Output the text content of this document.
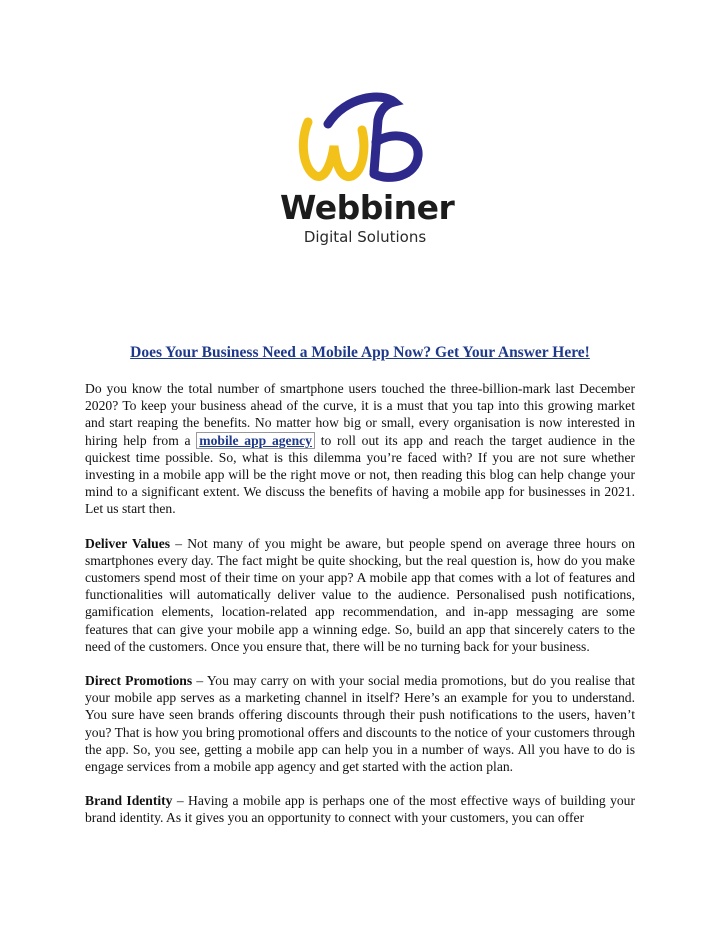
Webbiner
Digital Solutions
Does Your Business Need a Mobile App Now? Get Your Answer Here!

Do you know the total number of smartphone users touched the three-billion-mark last December 2020? To keep your business ahead of the curve, it is a must that you tap into this growing market and start reaping the benefits. No matter how big or small, every organisation is now interested in hiring help from a mobile app agency to roll out its app and reach the target audience in the quickest time possible. So, what is this dilemma you’re faced with? If you are not sure whether investing in a mobile app will be the right move or not, then reading this blog can help change your mind to a significant extent. We discuss the benefits of having a mobile app for businesses in 2021. Let us start then.

Deliver Values – Not many of you might be aware, but people spend on average three hours on smartphones every day. The fact might be quite shocking, but the real question is, how do you make customers spend most of their time on your app? A mobile app that comes with a lot of features and functionalities will automatically deliver value to the audience. Personalised push notifications, gamification elements, location-related app recommendation, and in-app messaging are some features that can give your mobile app a winning edge. So, build an app that sincerely caters to the need of the customers. Once you ensure that, there will be no turning back for your business.

Direct Promotions – You may carry on with your social media promotions, but do you realise that your mobile app serves as a marketing channel in itself? Here’s an example for you to understand. You sure have seen brands offering discounts through their push notifications to the users, haven’t you? That is how you bring promotional offers and discounts to the notice of your customers through the app. So, you see, getting a mobile app can help you in a number of ways. All you have to do is engage services from a mobile app agency and get started with the action plan.

Brand Identity – Having a mobile app is perhaps one of the most effective ways of building your brand identity. As it gives you an opportunity to connect with your customers, you can offer
